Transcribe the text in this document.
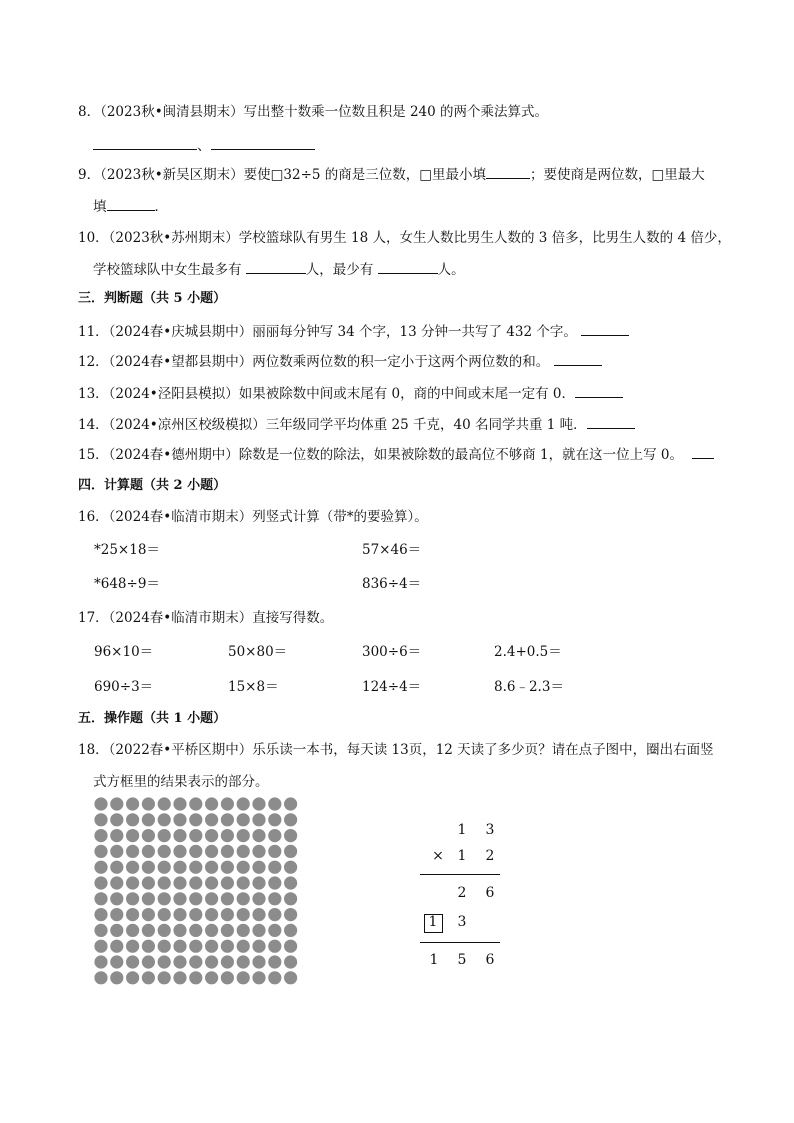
8．（2023秋•闽清县期末）写出整十数乘一位数且积是 240 的两个乘法算式。
、
9．（2023秋•新吴区期末）要使□32÷5 的商是三位数，□里最小填	；要使商是两位数，□里最大
填	．
10．（2023秋•苏州期末）学校篮球队有男生 18 人，女生人数比男生人数的 3 倍多，比男生人数的 4 倍少，
学校篮球队中女生最多有	人，最少有	人。
三．判断题（共 5 小题）
11．（2024春•庆城县期中）丽丽每分钟写 34 个字，13 分钟一共写了 432 个字。
12．（2024春•望都县期中）两位数乘两位数的积一定小于这两个两位数的和。
13．（2024•泾阳县模拟）如果被除数中间或末尾有 0，商的中间或末尾一定有 0．
14．（2024•凉州区校级模拟）三年级同学平均体重 25 千克，40 名同学共重 1 吨．
15．（2024春•德州期中）除数是一位数的除法，如果被除数的最高位不够商 1，就在这一位上写 0。
四．计算题（共 2 小题）
16．（2024春•临清市期末）列竖式计算（带*的要验算）。
*25×18＝	57×46＝
*648÷9＝	836÷4＝
17．（2024春•临清市期末）直接写得数。
96×10＝	50×80＝	300÷6＝	2.4+0.5＝
690÷3＝	15×8＝	124÷4＝	8.6﹣2.3＝
五．操作题（共 1 小题）
18．（2022春•平桥区期中）乐乐读一本书，每天读 13页，12 天读了多少页？请在点子图中，圈出右面竖
式方框里的结果表示的部分。
1 3
× 1 2
2 6
1 3
1 5 6
